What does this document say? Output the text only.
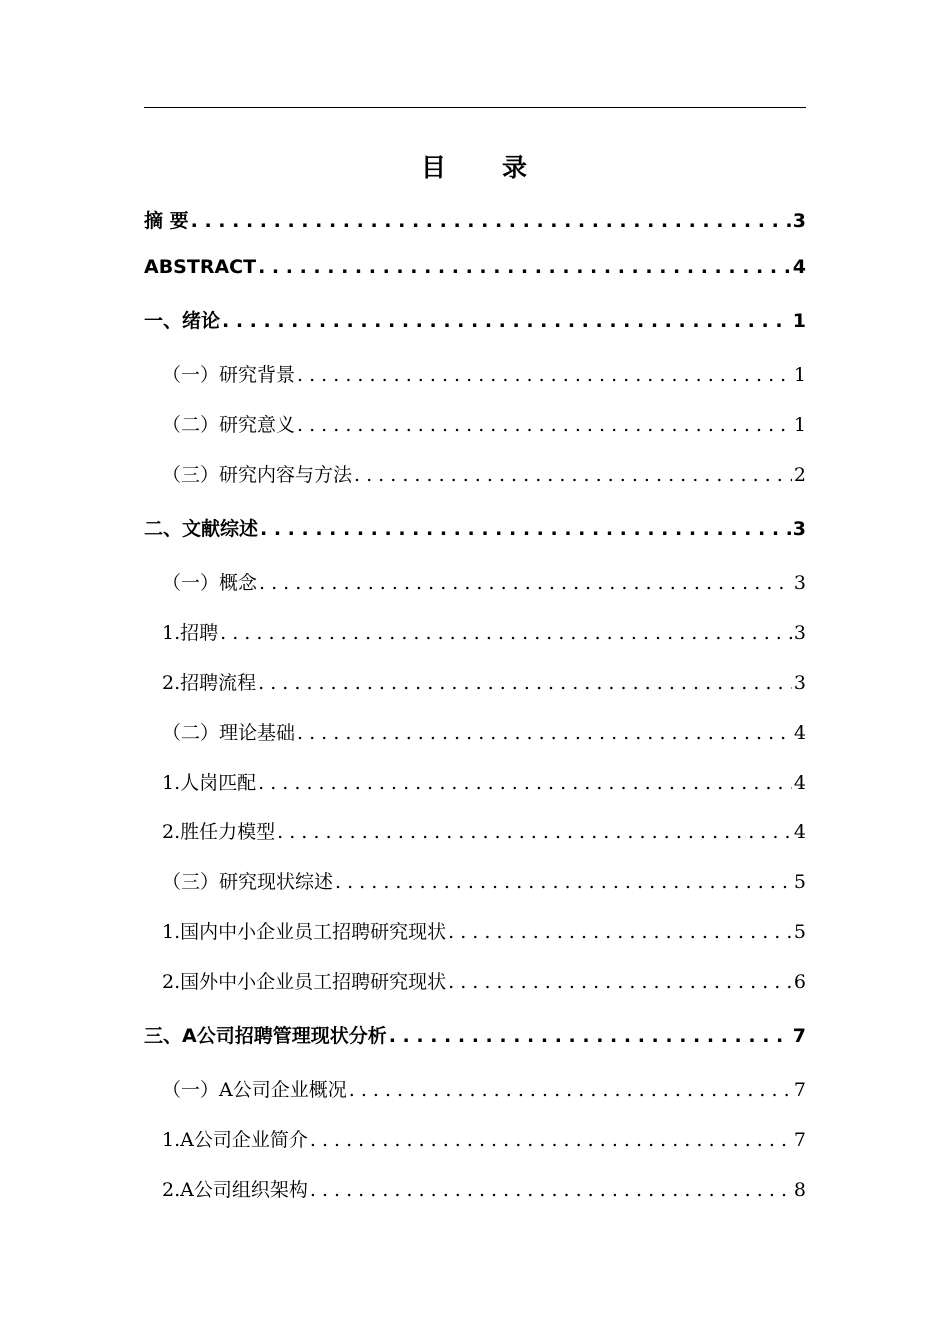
目　　录
摘 要 . . .	3
ABSTRACT . . .	4
一、绪论 . . .	1
（一）研究背景 . . .	1
（二）研究意义 . . .	1
（三）研究内容与方法 . . .	2
二、文献综述 . . .	3
（一）概念 . . .	3
1.招聘 . . .	3
2.招聘流程 . . .	3
（二）理论基础 . . .	4
1.人岗匹配 . . .	4
2.胜任力模型 . . .	4
（三）研究现状综述 . . .	5
1.国内中小企业员工招聘研究现状 . . .	5
2.国外中小企业员工招聘研究现状 . . .	6
三、A公司招聘管理现状分析 . . .	7
（一）A公司企业概况 . . .	7
1.A公司企业简介 . . .	7
2.A公司组织架构 . . .	8
